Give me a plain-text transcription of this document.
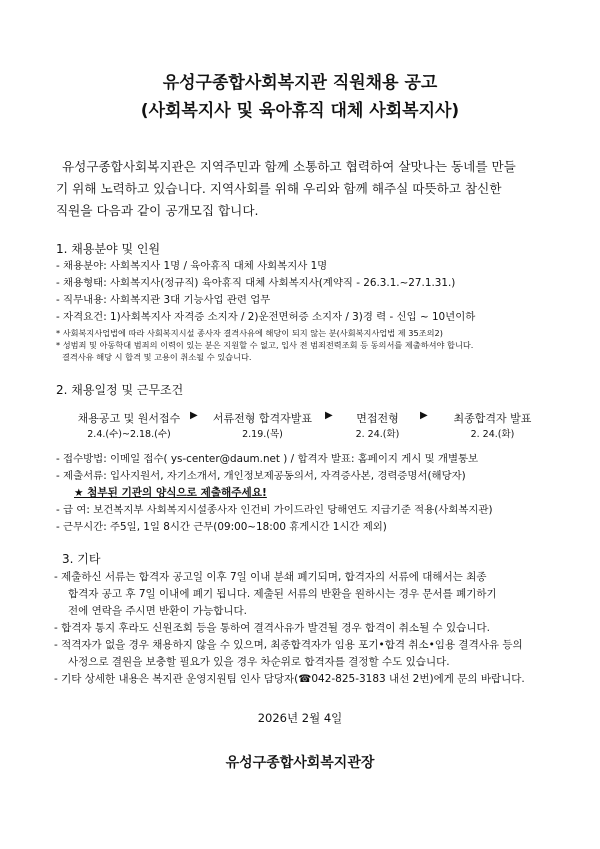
유성구종합사회복지관 직원채용 공고
(사회복지사 및 육아휴직 대체 사회복지사)

유성구종합사회복지관은 지역주민과 함께 소통하고 협력하여 살맛나는 동네를 만들

기 위해 노력하고 있습니다. 지역사회를 위해 우리와 함께 해주실 따뜻하고 참신한

직원을 다음과 같이 공개모집 합니다.

1. 채용분야 및 인원
- 채용분야: 사회복지사 1명 / 육아휴직 대체 사회복지사 1명
- 채용형태: 사회복지사(정규직) 육아휴직 대체 사회복지사(계약직 - 26.3.1.~27.1.31.)
- 직무내용: 사회복지관 3대 기능사업 관련 업무
- 자격요건: 1)사회복지사 자격증 소지자 / 2)운전면허증 소지자 / 3)경 력 - 신입 ~ 10년이하
* 사회복지사업법에 따라 사회복지시설 종사자 결격사유에 해당이 되지 않는 분(사회복지사업법 제 35조의2)
* 성범죄 및 아동학대 범죄의 이력이 있는 분은 지원할 수 없고, 입사 전 범죄전력조회 등 동의서를 제출하셔야 합니다.
결격사유 해당 시 합격 및 고용이 취소될 수 있습니다.
2. 채용일정 및 근무조건
채용공고 및 원서접수
2.4.(수)~2.18.(수)
▶	서류전형 합격자발표
2.19.(목)
▶	면접전형
2. 24.(화)
▶	최종합격자 발표
2. 24.(화)
- 접수방법: 이메일 접수( ys-center@daum.net ) / 합격자 발표: 홈페이지 게시 및 개별통보
- 제출서류: 입사지원서, 자기소개서, 개인정보제공동의서, 자격증사본, 경력증명서(해당자)
★ 첨부된 기관의 양식으로 제출해주세요!
- 급 여: 보건복지부 사회복지시설종사자 인건비 가이드라인 당해연도 지급기준 적용(사회복지관)
- 근무시간: 주5일, 1일 8시간 근무(09:00~18:00 휴게시간 1시간 제외)
3. 기타
- 제출하신 서류는 합격자 공고일 이후 7일 이내 분쇄 폐기되며, 합격자의 서류에 대해서는 최종
합격자 공고 후 7일 이내에 폐기 됩니다. 제출된 서류의 반환을 원하시는 경우 문서를 폐기하기
전에 연락을 주시면 반환이 가능합니다.
- 합격자 통지 후라도 신원조회 등을 통하여 결격사유가 발견될 경우 합격이 취소될 수 있습니다.
- 적격자가 없을 경우 채용하지 않을 수 있으며, 최종합격자가 임용 포기•합격 취소•임용 결격사유 등의
사정으로 결원을 보충할 필요가 있을 경우 차순위로 합격자를 결정할 수도 있습니다.
- 기타 상세한 내용은 복지관 운영지원팀 인사 담당자(☎042-825-3183 내선 2번)에게 문의 바랍니다.
2026년 2월 4일
유성구종합사회복지관장
